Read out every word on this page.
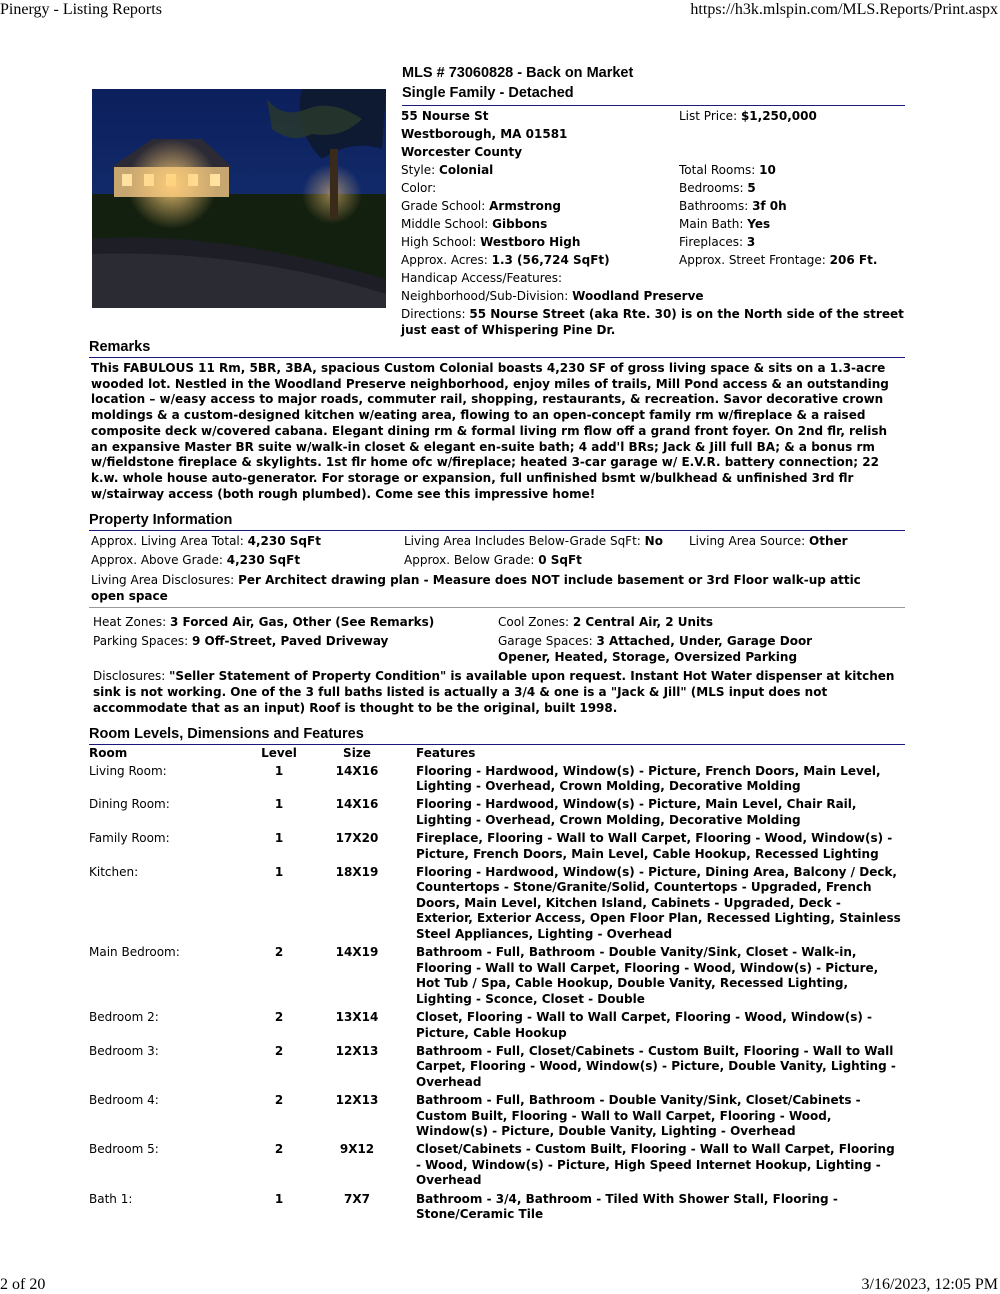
Pinergy - Listing Reports	https://h3k.mlspin.com/MLS.Reports/Print.aspx
2 of 20	3/16/2023, 12:05 PM
MLS # 73060828 - Back on Market
Single Family - Detached
55 Nourse St
Westborough, MA 01581
Worcester County
List Price: $1,250,000
Style: Colonial	Total Rooms: 10
Color:	Bedrooms: 5
Grade School: Armstrong	Bathrooms: 3f 0h
Middle School: Gibbons	Main Bath: Yes
High School: Westboro High	Fireplaces: 3
Approx. Acres: 1.3 (56,724 SqFt)	Approx. Street Frontage: 206 Ft.
Handicap Access/Features:
Neighborhood/Sub-Division: Woodland Preserve
Directions: 55 Nourse Street (aka Rte. 30) is on the North side of the street just east of Whispering Pine Dr.
Remarks
This FABULOUS 11 Rm, 5BR, 3BA, spacious Custom Colonial boasts 4,230 SF of gross living space & sits on a 1.3-acre wooded lot. Nestled in the Woodland Preserve neighborhood, enjoy miles of trails, Mill Pond access & an outstanding location – w/easy access to major roads, commuter rail, shopping, restaurants, & recreation. Savor decorative crown moldings & a custom-designed kitchen w/eating area, flowing to an open-concept family rm w/fireplace & a raised composite deck w/covered cabana. Elegant dining rm & formal living rm flow off a grand front foyer. On 2nd flr, relish an expansive Master BR suite w/walk-in closet & elegant en-suite bath; 4 add'l BRs; Jack & Jill full BA; & a bonus rm w/fieldstone fireplace & skylights. 1st flr home ofc w/fireplace; heated 3-car garage w/ E.V.R. battery connection; 22 k.w. whole house auto-generator. For storage or expansion, full unfinished bsmt w/bulkhead & unfinished 3rd flr w/stairway access (both rough plumbed). Come see this impressive home!
Property Information
Approx. Living Area Total: 4,230 SqFt	Living Area Includes Below-Grade SqFt: No Living Area Source: Other
Approx. Above Grade: 4,230 SqFt	Approx. Below Grade: 0 SqFt
Living Area Disclosures: Per Architect drawing plan - Measure does NOT include basement or 3rd Floor walk-up attic open space
Heat Zones: 3 Forced Air, Gas, Other (See Remarks)	Cool Zones: 2 Central Air, 2 Units
Parking Spaces: 9 Off-Street, Paved Driveway	Garage Spaces: 3 Attached, Under, Garage Door Opener, Heated, Storage, Oversized Parking
Disclosures: "Seller Statement of Property Condition" is available upon request. Instant Hot Water dispenser at kitchen sink is not working. One of the 3 full baths listed is actually a 3/4 & one is a "Jack & Jill" (MLS input does not accommodate that as an input) Roof is thought to be the original, built 1998.
Room Levels, Dimensions and Features
Room	Level	Size	Features
Living Room:	1	14X16	Flooring - Hardwood, Window(s) - Picture, French Doors, Main Level, Lighting - Overhead, Crown Molding, Decorative Molding
Dining Room:	1	14X16	Flooring - Hardwood, Window(s) - Picture, Main Level, Chair Rail, Lighting - Overhead, Crown Molding, Decorative Molding
Family Room:	1	17X20	Fireplace, Flooring - Wall to Wall Carpet, Flooring - Wood, Window(s) - Picture, French Doors, Main Level, Cable Hookup, Recessed Lighting
Kitchen:	1	18X19	Flooring - Hardwood, Window(s) - Picture, Dining Area, Balcony / Deck, Countertops - Stone/Granite/Solid, Countertops - Upgraded, French Doors, Main Level, Kitchen Island, Cabinets - Upgraded, Deck - Exterior, Exterior Access, Open Floor Plan, Recessed Lighting, Stainless Steel Appliances, Lighting - Overhead
Main Bedroom:	2	14X19	Bathroom - Full, Bathroom - Double Vanity/Sink, Closet - Walk-in, Flooring - Wall to Wall Carpet, Flooring - Wood, Window(s) - Picture, Hot Tub / Spa, Cable Hookup, Double Vanity, Recessed Lighting, Lighting - Sconce, Closet - Double
Bedroom 2:	2	13X14	Closet, Flooring - Wall to Wall Carpet, Flooring - Wood, Window(s) - Picture, Cable Hookup
Bedroom 3:	2	12X13	Bathroom - Full, Closet/Cabinets - Custom Built, Flooring - Wall to Wall Carpet, Flooring - Wood, Window(s) - Picture, Double Vanity, Lighting - Overhead
Bedroom 4:	2	12X13	Bathroom - Full, Bathroom - Double Vanity/Sink, Closet/Cabinets - Custom Built, Flooring - Wall to Wall Carpet, Flooring - Wood, Window(s) - Picture, Double Vanity, Lighting - Overhead
Bedroom 5:	2	9X12	Closet/Cabinets - Custom Built, Flooring - Wall to Wall Carpet, Flooring - Wood, Window(s) - Picture, High Speed Internet Hookup, Lighting - Overhead
Bath 1:	1	7X7	Bathroom - 3/4, Bathroom - Tiled With Shower Stall, Flooring - Stone/Ceramic Tile
